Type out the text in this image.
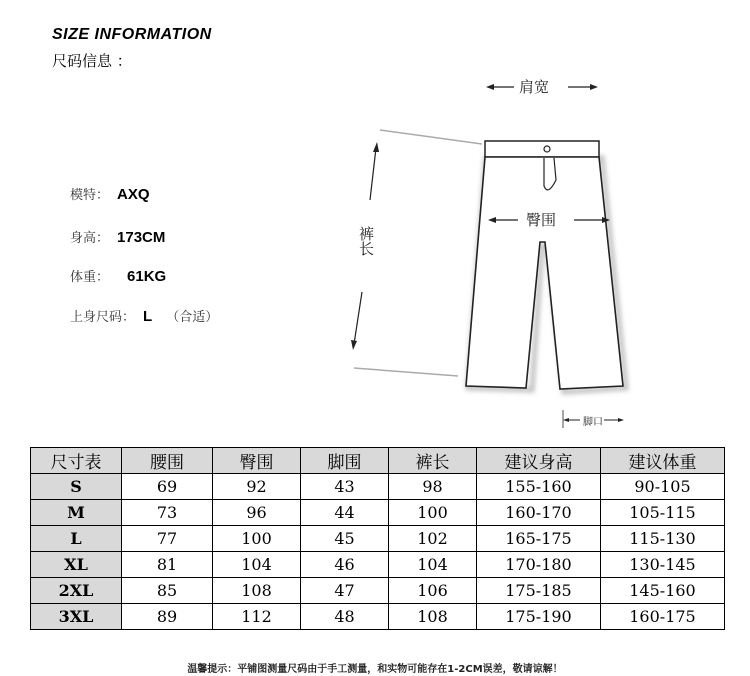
SIZE INFORMATION
尺码信息 ：
模特： AXQ
身高： 173CM
体重： 61KG
上身尺码： L （合适）
肩宽
臀围
裤长
脚口
尺寸表	腰围	臀围	脚围	裤长	建议身高	建议体重
S	69	92	43	98	155-160	90-105
M	73	96	44	100	160-170	105-115
L	77	100	45	102	165-175	115-130
XL	81	104	46	104	170-180	130-145
2XL	85	108	47	106	175-185	145-160
3XL	89	112	48	108	175-190	160-175
温馨提示：平铺图测量尺码由于手工测量，和实物可能存在1-2CM误差，敬请谅解！
